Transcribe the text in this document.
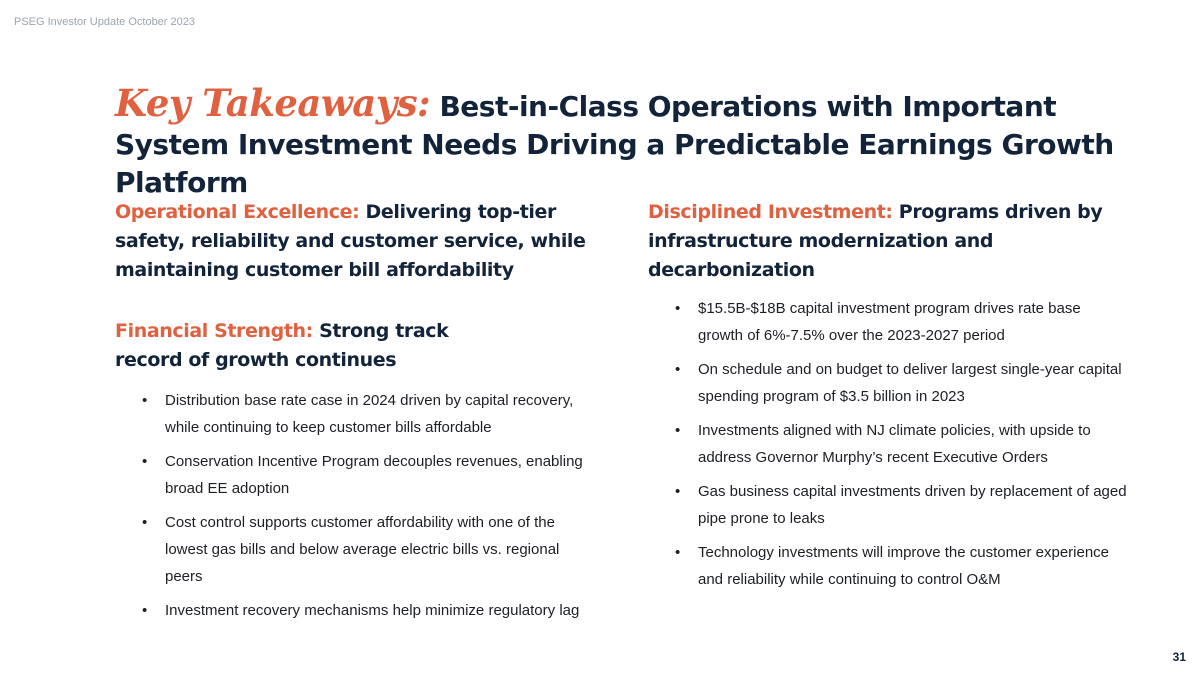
PSEG Investor Update October 2023
Key Takeaways: Best-in-Class Operations with Important System Investment Needs Driving a Predictable Earnings Growth Platform

Operational Excellence: Delivering top-tier safety, reliability and customer service, while maintaining customer bill affordability

Financial Strength: Strong track record of growth continues

• Distribution base rate case in 2024 driven by capital recovery, while continuing to keep customer bills affordable
• Conservation Incentive Program decouples revenues, enabling broad EE adoption
• Cost control supports customer affordability with one of the lowest gas bills and below average electric bills vs. regional peers
• Investment recovery mechanisms help minimize regulatory lag

Disciplined Investment: Programs driven by infrastructure modernization and decarbonization

• $15.5B-$18B capital investment program drives rate base growth of 6%-7.5% over the 2023-2027 period
• On schedule and on budget to deliver largest single-year capital spending program of $3.5 billion in 2023
• Investments aligned with NJ climate policies, with upside to address Governor Murphy’s recent Executive Orders
• Gas business capital investments driven by replacement of aged pipe prone to leaks
• Technology investments will improve the customer experience and reliability while continuing to control O&M
31
